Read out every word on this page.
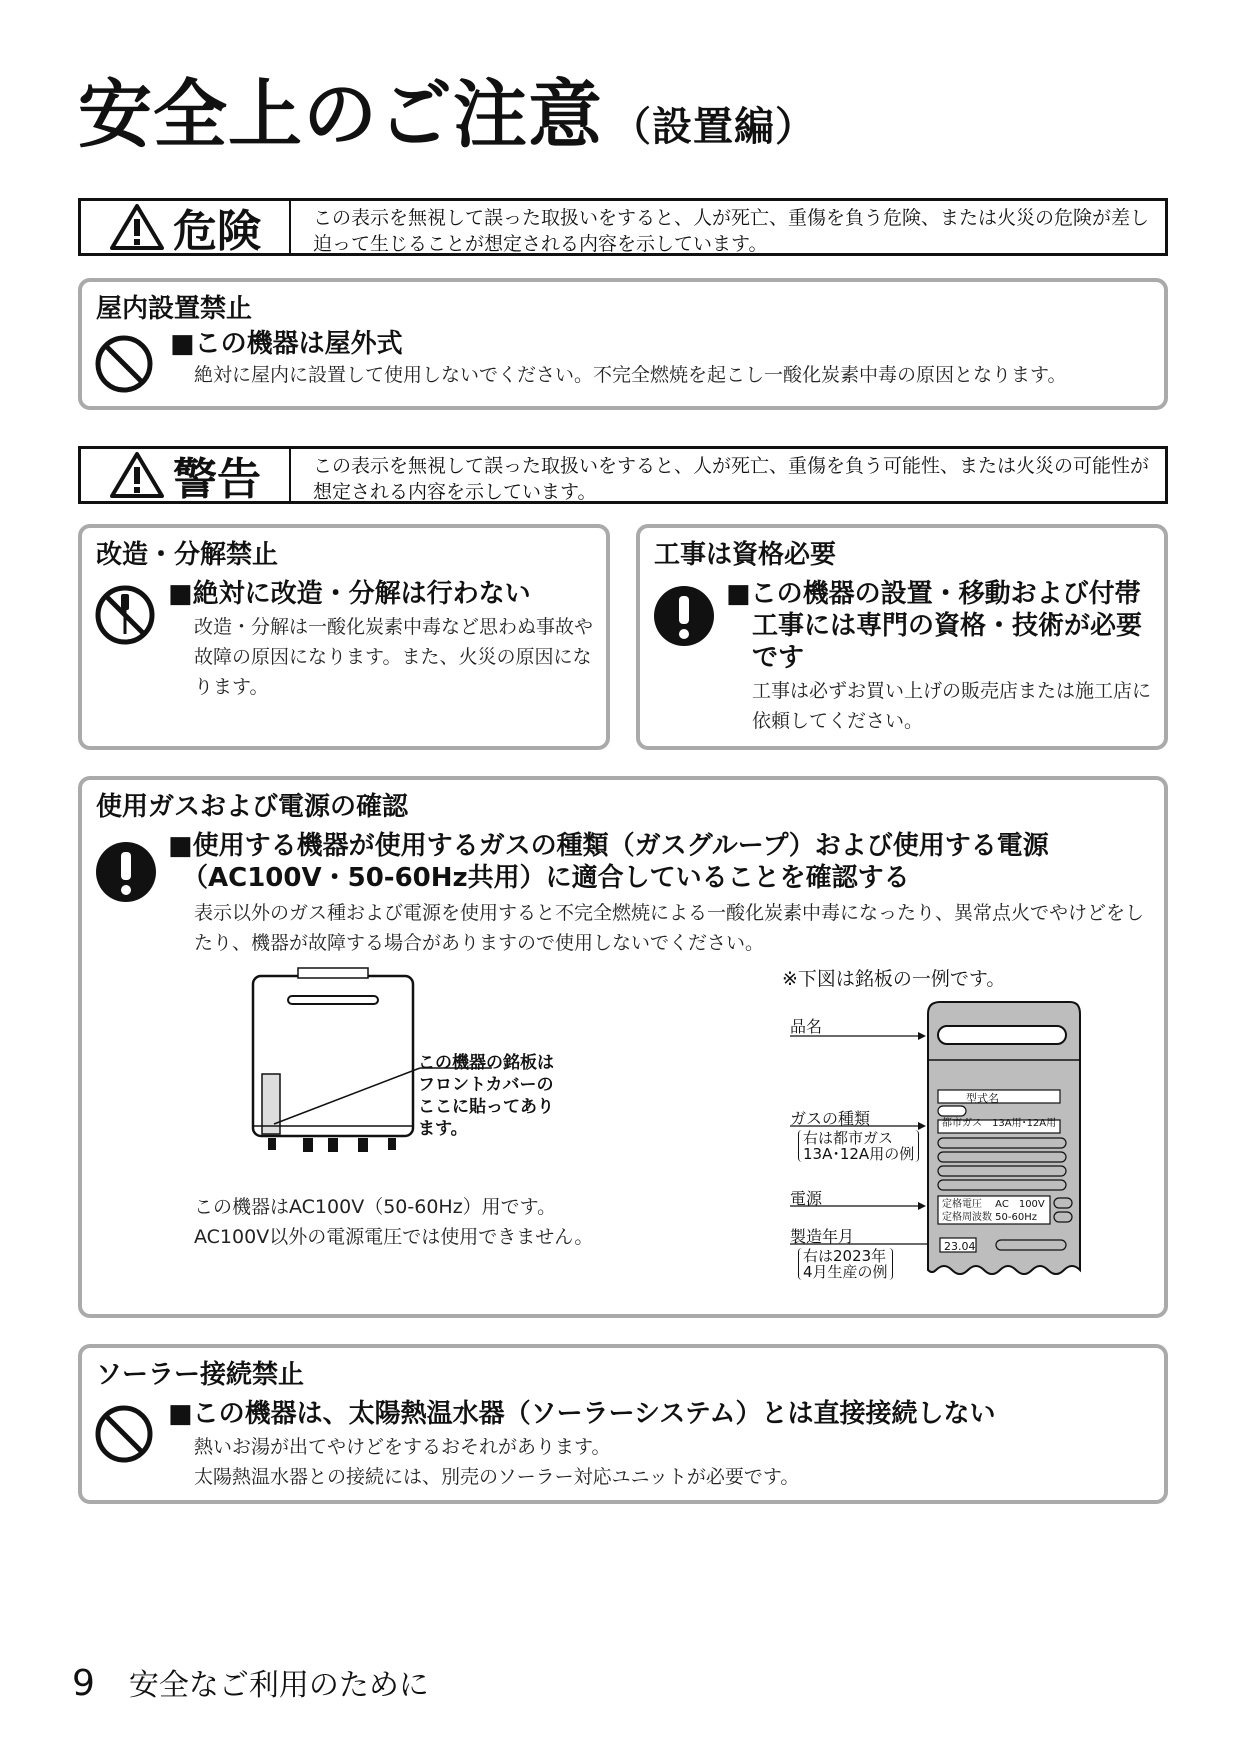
安全上のご注意 （設置編）
危険	この表示を無視して誤った取扱いをすると、人が死亡、重傷を負う危険、または火災の危険が差し迫って生じることが想定される内容を示しています。
屋内設置禁止
■この機器は屋外式
絶対に屋内に設置して使用しないでください。不完全燃焼を起こし一酸化炭素中毒の原因となります。
警告	この表示を無視して誤った取扱いをすると、人が死亡、重傷を負う可能性、または火災の可能性が想定される内容を示しています。
改造・分解禁止
■絶対に改造・分解は行わない
改造・分解は一酸化炭素中毒など思わぬ事故や故障の原因になります。また、火災の原因になります。
工事は資格必要
■この機器の設置・移動および付帯
工事には専門の資格・技術が必要
です
工事は必ずお買い上げの販売店または施工店に依頼してください。
使用ガスおよび電源の確認
■使用する機器が使用するガスの種類（ガスグループ）および使用する電源
（AC100V・50-60Hz共用）に適合していることを確認する
表示以外のガス種および電源を使用すると不完全燃焼による一酸化炭素中毒になったり、異常点火でやけどをしたり、機器が故障する場合がありますので使用しないでください。
この機器の銘板は
フロントカバーの
ここに貼ってあり
ます。
この機器はAC100V（50-60Hz）用です。
AC100V以外の電源電圧では使用できません。
※下図は銘板の一例です。
品名
ガスの種類
右は都市ガス
13A･12A用の例
電源
製造年月
右は2023年
4月生産の例
型式名
都市ガス　13A用･12A用
定格電圧　 AC　100V
定格周波数 50-60Hz
23.04
ソーラー接続禁止
■この機器は、太陽熱温水器（ソーラーシステム）とは直接接続しない
熱いお湯が出てやけどをするおそれがあります。
太陽熱温水器との接続には、別売のソーラー対応ユニットが必要です。
9 安全なご利用のために
